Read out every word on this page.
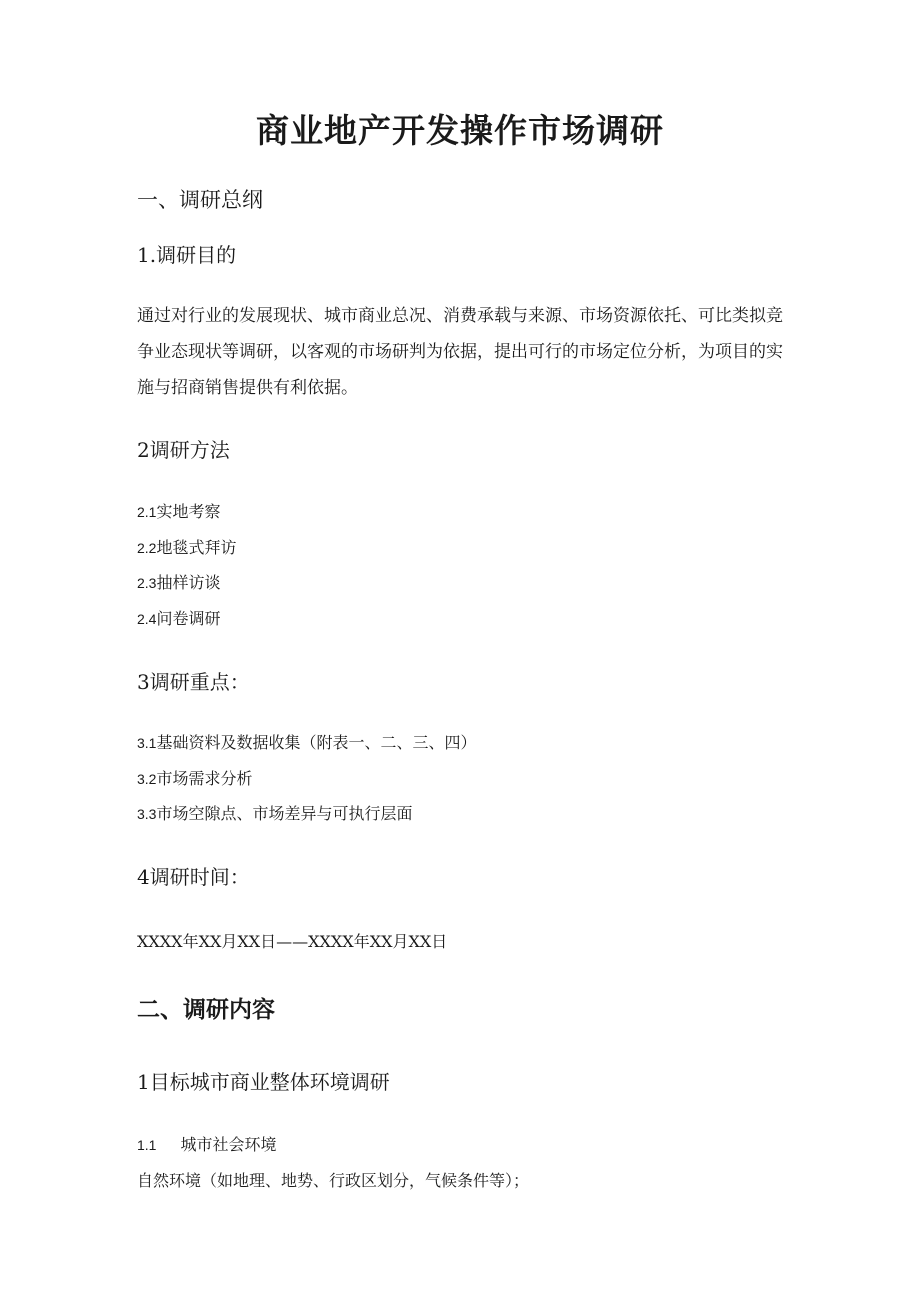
商业地产开发操作市场调研
一、调研总纲
1.调研目的

通过对行业的发展现状、城市商业总况、消费承载与来源、市场资源依托、可比类拟竞争业态现状等调研，以客观的市场研判为依据，提出可行的市场定位分析，为项目的实施与招商销售提供有利依据。

2调研方法
2.1实地考察
2.2地毯式拜访
2.3抽样访谈
2.4问卷调研
3调研重点：
3.1基础资料及数据收集（附表一、二、三、四）
3.2市场需求分析
3.3市场空隙点、市场差异与可执行层面
4调研时间：
XXXX年XX月XX日——XXXX年XX月XX日
二、调研内容
1目标城市商业整体环境调研
1.1 城市社会环境
自然环境（如地理、地势、行政区划分，气候条件等）；
